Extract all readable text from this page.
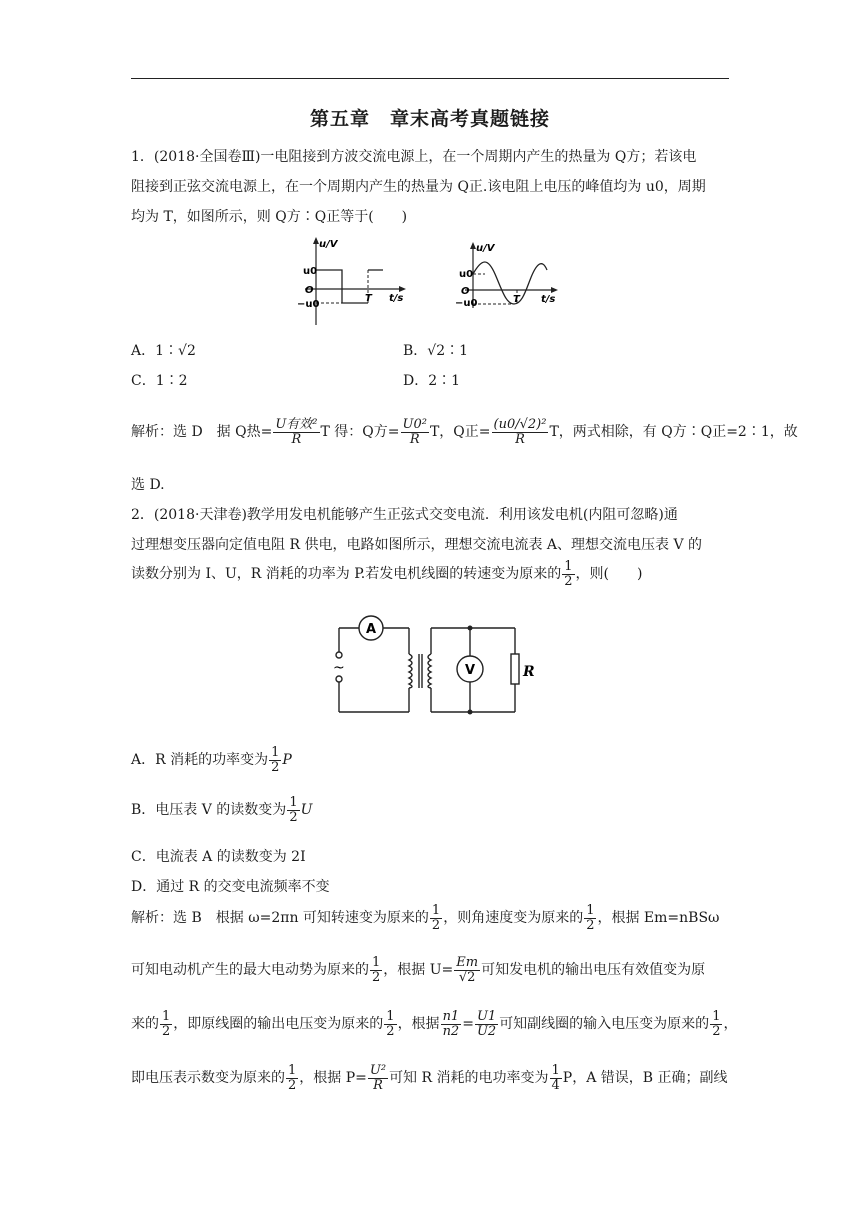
第五章　章末高考真题链接
1．(2018·全国卷Ⅲ)一电阻接到方波交流电源上，在一个周期内产生的热量为 Q方；若该电
阻接到正弦交流电源上，在一个周期内产生的热量为 Q正.该电阻上电压的峰值均为 u0，周期
均为 T，如图所示，则 Q方∶Q正等于(　　)
u/V
u0
O
−u0
T t/s
u/V
u0
O
−u0	T t/s
A．1∶√2	B．√2∶1
C．1∶2	D．2∶1
解析：选 D　据 Q热= $\frac{\text{U有效²}}{R}$ T 得：Q方= $\frac{\text{U0²}}{R}$ T，Q正= $\frac{\text{(u0/√2)²}}{R}$ T，两式相除，有 Q方∶Q正=2∶1，故
选 D.
2．(2018·天津卷)教学用发电机能够产生正弦式交变电流．利用该发电机(内阻可忽略)通
过理想变压器向定值电阻 R 供电，电路如图所示，理想交流电流表 A、理想交流电压表 V 的
读数分别为 I、U，R 消耗的功率为 P.若发电机线圈的转速变为原来的 $\frac{1}{2}$ ，则(　　)
A
V	R
~
A．R 消耗的功率变为 $\frac{1}{2}$ P
B．电压表 V 的读数变为 $\frac{1}{2}$ U
C．电流表 A 的读数变为 2I
D．通过 R 的交变电流频率不变
解析：选 B　根据 ω=2πn 可知转速变为原来的 $\frac{1}{2}$ ，则角速度变为原来的 $\frac{1}{2}$ ，根据 Em=nBSω
可知电动机产生的最大电动势为原来的 $\frac{1}{2}$ ，根据 $U= \frac{Em}{√2}$ 可知发电机的输出电压有效值变为原
来的 $\frac{1}{2}$ ，即原线圈的输出电压变为原来的 $\frac{1}{2}$ ，根据 $\frac{n1}{n2} = \frac{U1}{U2}$ 可知副线圈的输入电压变为原来的 $\frac{1}{2}$ ，
即电压表示数变为原来的 $\frac{1}{2}$ ，根据 $P= \frac{\text{U²}}{R}$ 可知 R 消耗的电功率变为 $\frac{1}{4}$ P，A 错误，B 正确；副线
